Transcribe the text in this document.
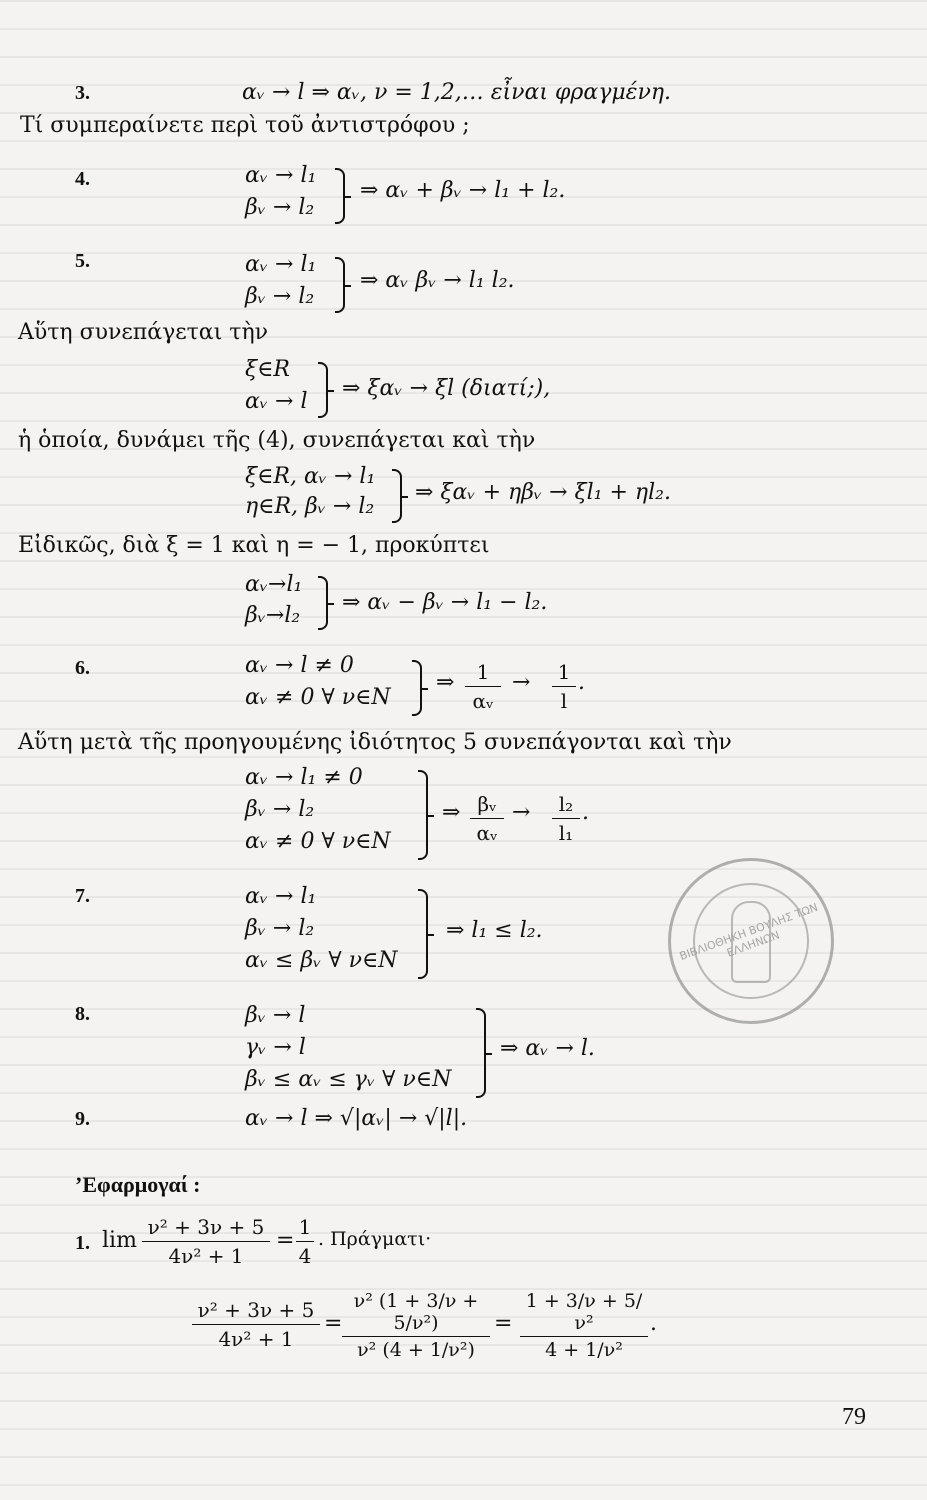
3.	αᵥ → l ⇒ αᵥ, ν = 1,2,… εἶναι φραγμένη.
Τί συμπεραίνετε περὶ τοῦ ἀντιστρόφου ;
4.	αᵥ → l₁
βᵥ → l₂
⇒ αᵥ + βᵥ → l₁ + l₂.
5.	αᵥ → l₁
βᵥ → l₂
⇒ αᵥ βᵥ → l₁ l₂.
Αὕτη συνεπάγεται τὴν
ξ∈R
αᵥ → l
⇒ ξαᵥ → ξl (διατί;),
ἡ ὁποία, δυνάμει τῆς (4), συνεπάγεται καὶ τὴν
ξ∈R, αᵥ → l₁
η∈R, βᵥ → l₂
⇒ ξαᵥ + ηβᵥ → ξl₁ + ηl₂.
Εἰδικῶς, διὰ ξ = 1 καὶ η = − 1, προκύπτει
αᵥ→l₁
βᵥ→l₂
⇒ αᵥ − βᵥ → l₁ − l₂.
6.	αᵥ → l ≠ 0
αᵥ ≠ 0 ∀ ν∈N
⇒	1
αᵥ
→ 1
l
.
Αὕτη μετὰ τῆς προηγουμένης ἰδιότητος 5 συνεπάγονται καὶ τὴν
αᵥ → l₁ ≠ 0
βᵥ → l₂
αᵥ ≠ 0 ∀ ν∈N
⇒ βᵥ
αᵥ
→	l₂
l₁
.
7.	αᵥ → l₁
βᵥ → l₂
αᵥ ≤ βᵥ ∀ ν∈N
⇒ l₁ ≤ l₂.
8.	βᵥ → l
γᵥ → l
βᵥ ≤ αᵥ ≤ γᵥ ∀ ν∈N
⇒ αᵥ → l.
9.	αᵥ → l ⇒ √|αᵥ| → √|l|.
’Εφαρμογαί :
1. lim
ν² + 3ν + 5
4ν² + 1
=
1
4
. Πράγματι·
ν² + 3ν + 5
4ν² + 1
=
ν² (1 + 3/ν + 5/ν²)
ν² (4 + 1/ν²)
=
1 + 3/ν + 5/ν²
4 + 1/ν²
.
ΒΙΒΛΙΟΘΗΚΗ ΒΟΥΛΗΣ ΤΩΝ ΕΛΛΗΝΩΝ
79
